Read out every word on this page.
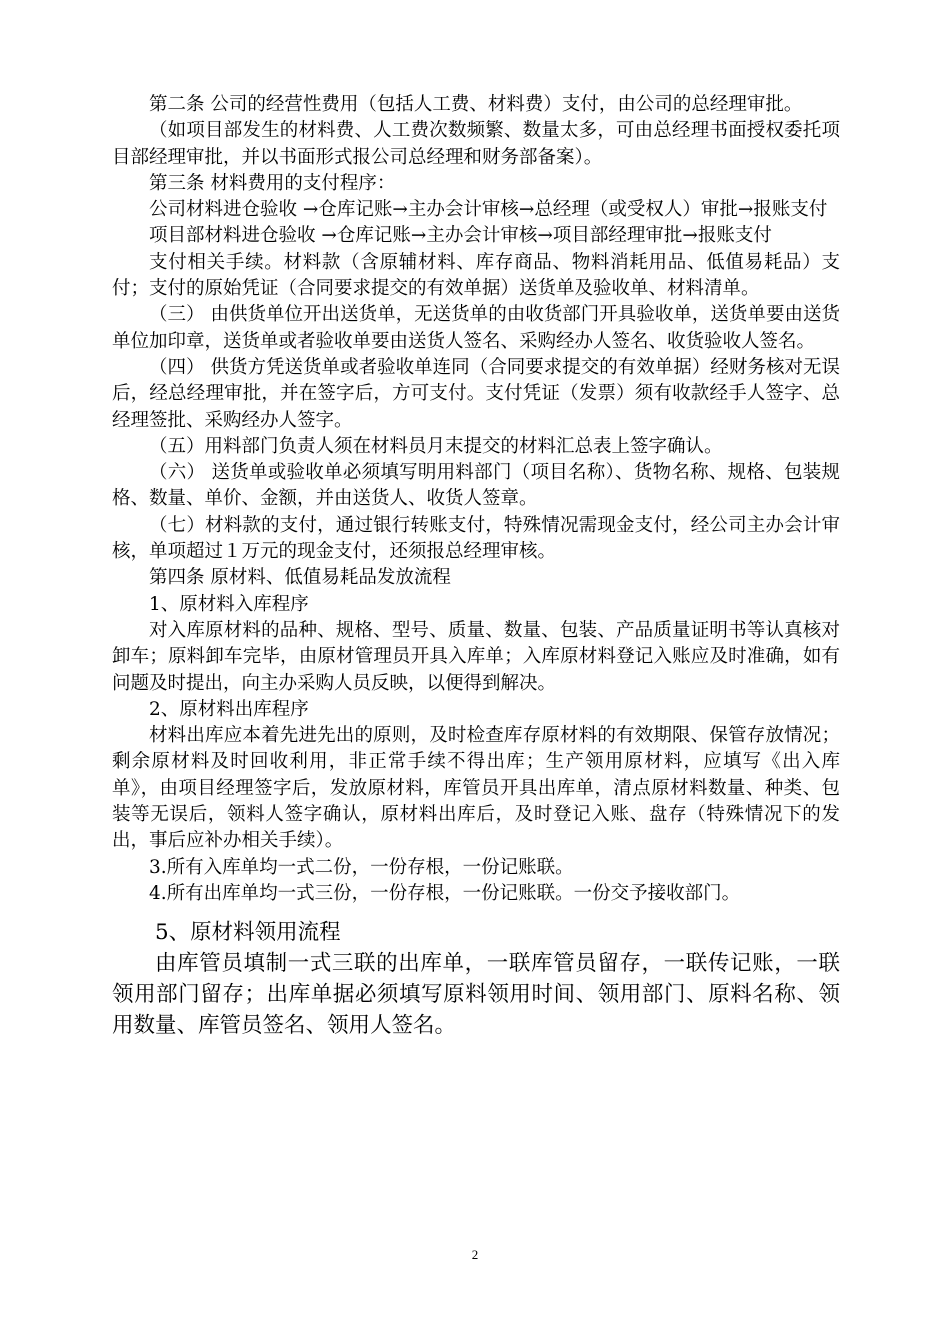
第二条 公司的经营性费用（包括人工费、材料费）支付，由公司的总经理审批。

（如项目部发生的材料费、人工费次数频繁、数量太多，可由总经理书面授权委托项目部经理审批，并以书面形式报公司总经理和财务部备案）。

第三条 材料费用的支付程序：

公司材料进仓验收 →仓库记账→主办会计审核→总经理（或受权人）审批→报账支付

项目部材料进仓验收 →仓库记账→主办会计审核→项目部经理审批→报账支付

支付相关手续。材料款（含原辅材料、库存商品、物料消耗用品、低值易耗品）支付；支付的原始凭证（合同要求提交的有效单据）送货单及验收单、材料清单。

（三） 由供货单位开出送货单，无送货单的由收货部门开具验收单，送货单要由送货单位加印章，送货单或者验收单要由送货人签名、采购经办人签名、收货验收人签名。

（四） 供货方凭送货单或者验收单连同（合同要求提交的有效单据）经财务核对无误后，经总经理审批，并在签字后，方可支付。支付凭证（发票）须有收款经手人签字、总经理签批、采购经办人签字。

（五）用料部门负责人须在材料员月末提交的材料汇总表上签字确认。

（六） 送货单或验收单必须填写明用料部门（项目名称）、货物名称、规格、包装规格、数量、单价、金额，并由送货人、收货人签章。

（七）材料款的支付，通过银行转账支付，特殊情况需现金支付，经公司主办会计审核，单项超过１万元的现金支付，还须报总经理审核。

第四条 原材料、低值易耗品发放流程

1、原材料入库程序

对入库原材料的品种、规格、型号、质量、数量、包装、产品质量证明书等认真核对卸车；原料卸车完毕，由原材管理员开具入库单；入库原材料登记入账应及时准确，如有问题及时提出，向主办采购人员反映，以便得到解决。

2、原材料出库程序

材料出库应本着先进先出的原则，及时检查库存原材料的有效期限、保管存放情况；剩余原材料及时回收利用，非正常手续不得出库；生产领用原材料，应填写《出入库单》，由项目经理签字后，发放原材料，库管员开具出库单，清点原材料数量、种类、包装等无误后，领料人签字确认，原材料出库后，及时登记入账、盘存（特殊情况下的发出，事后应补办相关手续）。

3.所有入库单均一式二份，一份存根，一份记账联。

4.所有出库单均一式三份，一份存根，一份记账联。一份交予接收部门。

5、原材料领用流程

由库管员填制一式三联的出库单，一联库管员留存，一联传记账，一联领用部门留存；出库单据必须填写原料领用时间、领用部门、原料名称、领用数量、库管员签名、领用人签名。

2
